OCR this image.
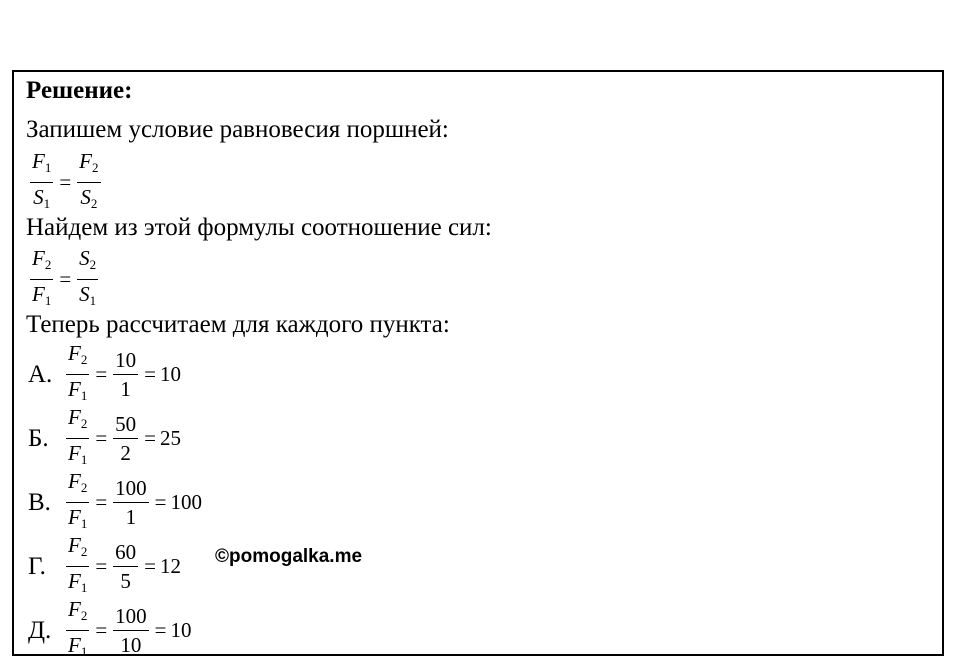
Решение:
Запишем условие равновесия поршней:
$\frac{F_1}{S_1} = \frac{F_2}{S_2}$
Найдем из этой формулы соотношение сил:
$\frac{F_2}{F_1} = \frac{S_2}{S_1}$
Теперь рассчитаем для каждого пункта:
А. $\frac{F_2}{F_1} = \frac{10}{1} = 10$
Б. $\frac{F_2}{F_1} = \frac{50}{2} = 25$
В. $\frac{F_2}{F_1} = \frac{100}{1} = 100$
Г. $\frac{F_2}{F_1} = \frac{60}{5} = 12$
Д. $\frac{F_2}{F_1} = \frac{100}{10} = 10$
©pomogalka.me
